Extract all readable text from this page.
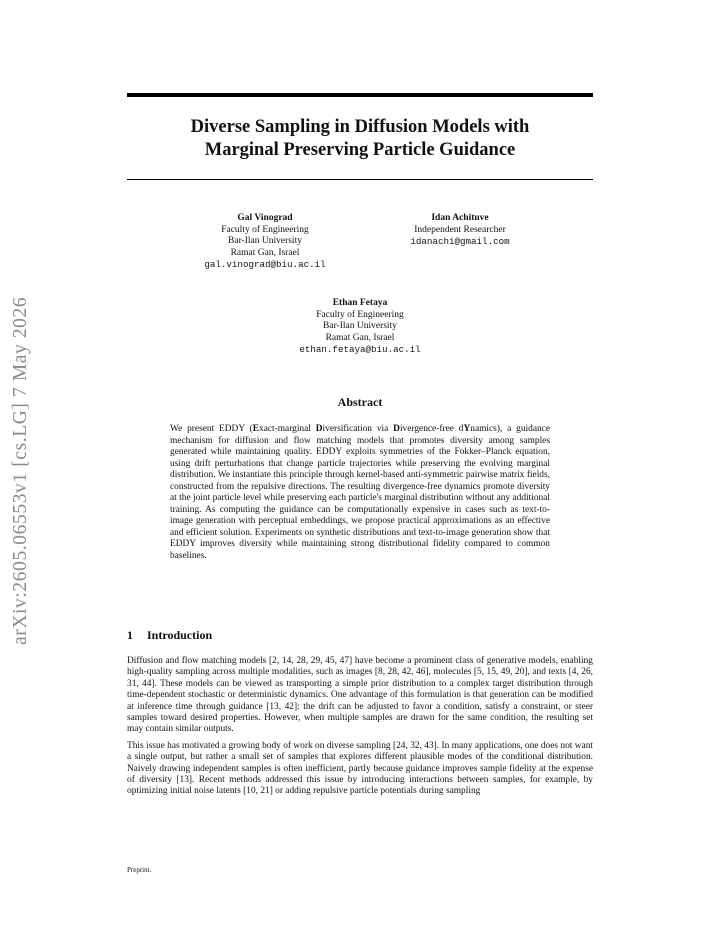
arXiv:2605.06553v1 [cs.LG] 7 May 2026
Diverse Sampling in Diffusion Models with
Marginal Preserving Particle Guidance
Gal Vinograd
Faculty of Engineering
Bar-Ilan University
Ramat Gan, Israel
gal.vinograd@biu.ac.il
Idan Achituve
Independent Researcher
idanachi@gmail.com
Ethan Fetaya
Faculty of Engineering
Bar-Ilan University
Ramat Gan, Israel
ethan.fetaya@biu.ac.il
Abstract

We present EDDY (Exact-marginal Diversification via Divergence-free dYnamics), a guidance mechanism for diffusion and flow matching models that promotes diversity among samples generated while maintaining quality. EDDY exploits symmetries of the Fokker–Planck equation, using drift perturbations that change particle trajectories while preserving the evolving marginal distribution. We instantiate this principle through kernel-based anti-symmetric pairwise matrix fields, constructed from the repulsive directions. The resulting divergence-free dynamics promote diversity at the joint particle level while preserving each particle's marginal distribution without any additional training. As computing the guidance can be computationally expensive in cases such as text-to-image generation with perceptual embeddings, we propose practical approximations as an effective and efficient solution. Experiments on synthetic distributions and text-to-image generation show that EDDY improves diversity while maintaining strong distributional fidelity compared to common baselines.

1 Introduction

Diffusion and flow matching models [2, 14, 28, 29, 45, 47] have become a prominent class of generative models, enabling high-quality sampling across multiple modalities, such as images [8, 28, 42, 46], molecules [5, 15, 49, 20], and texts [4, 26, 31, 44]. These models can be viewed as transporting a simple prior distribution to a complex target distribution through time-dependent stochastic or deterministic dynamics. One advantage of this formulation is that generation can be modified at inference time through guidance [13, 42]: the drift can be adjusted to favor a condition, satisfy a constraint, or steer samples toward desired properties. However, when multiple samples are drawn for the same condition, the resulting set may contain similar outputs.

This issue has motivated a growing body of work on diverse sampling [24, 32, 43]. In many applications, one does not want a single output, but rather a small set of samples that explores different plausible modes of the conditional distribution. Naively drawing independent samples is often inefficient, partly because guidance improves sample fidelity at the expense of diversity [13]. Recent methods addressed this issue by introducing interactions between samples, for example, by optimizing initial noise latents [10, 21] or adding repulsive particle potentials during sampling

Preprint.
